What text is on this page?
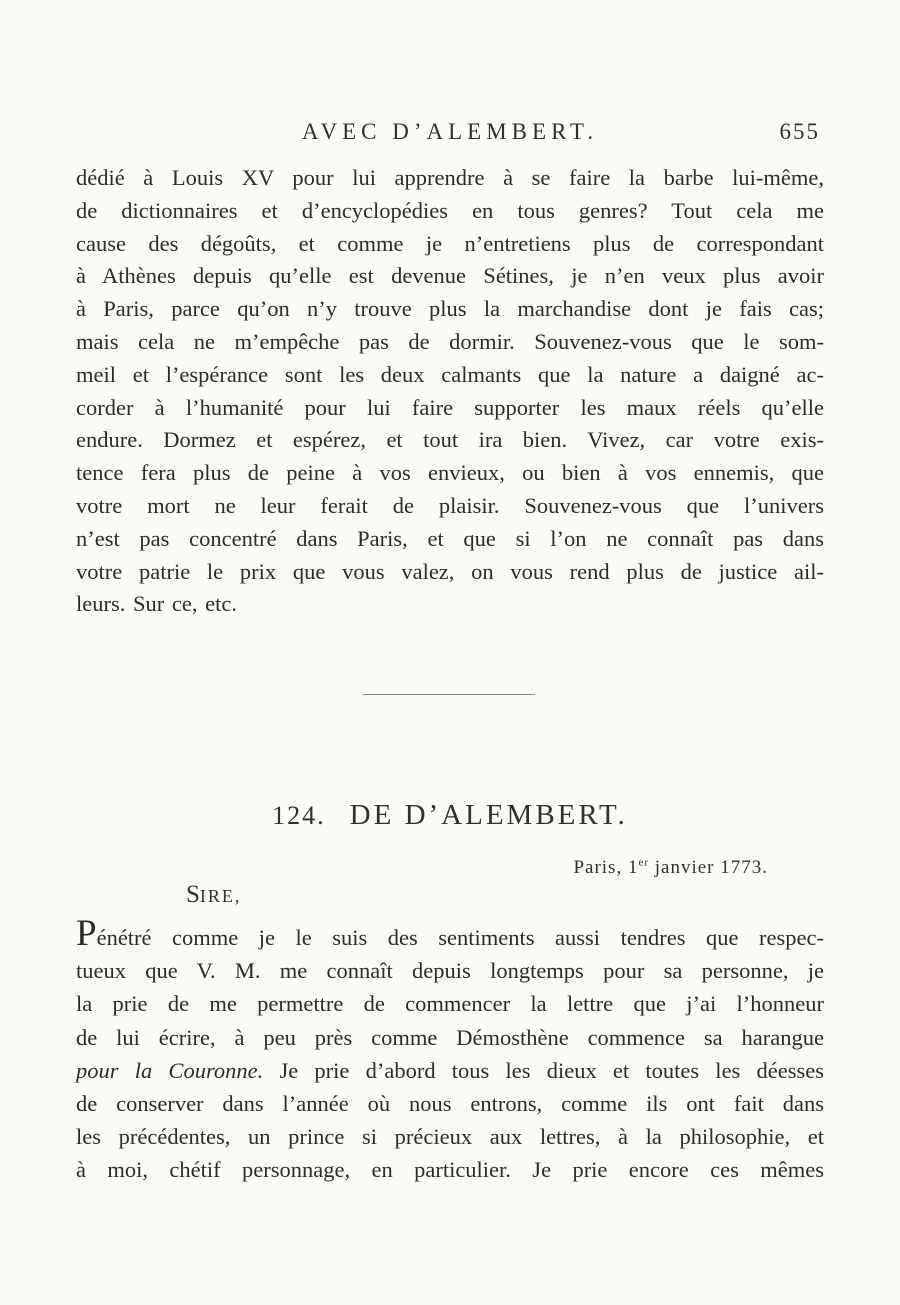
AVEC D’ALEMBERT.	655
dédié à Louis XV pour lui apprendre à se faire la barbe lui-même,
de dictionnaires et d’encyclopédies en tous genres? Tout cela me
cause des dégoûts, et comme je n’entretiens plus de correspondant
à Athènes depuis qu’elle est devenue Sétines, je n’en veux plus avoir
à Paris, parce qu’on n’y trouve plus la marchandise dont je fais cas;
mais cela ne m’empêche pas de dormir. Souvenez-vous que le som-
meil et l’espérance sont les deux calmants que la nature a daigné ac-
corder à l’humanité pour lui faire supporter les maux réels qu’elle
endure. Dormez et espérez, et tout ira bien. Vivez, car votre exis-
tence fera plus de peine à vos envieux, ou bien à vos ennemis, que
votre mort ne leur ferait de plaisir. Souvenez-vous que l’univers
n’est pas concentré dans Paris, et que si l’on ne connaît pas dans
votre patrie le prix que vous valez, on vous rend plus de justice ail-
leurs. Sur ce, etc.
124. DE D’ALEMBERT.
Paris, 1er janvier 1773.
SIRE,
Pénétré comme je le suis des sentiments aussi tendres que respec-
tueux que V. M. me connaît depuis longtemps pour sa personne, je
la prie de me permettre de commencer la lettre que j’ai l’honneur
de lui écrire, à peu près comme Démosthène commence sa harangue
pour la Couronne. Je prie d’abord tous les dieux et toutes les déesses
de conserver dans l’année où nous entrons, comme ils ont fait dans
les précédentes, un prince si précieux aux lettres, à la philosophie, et
à moi, chétif personnage, en particulier. Je prie encore ces mêmes
